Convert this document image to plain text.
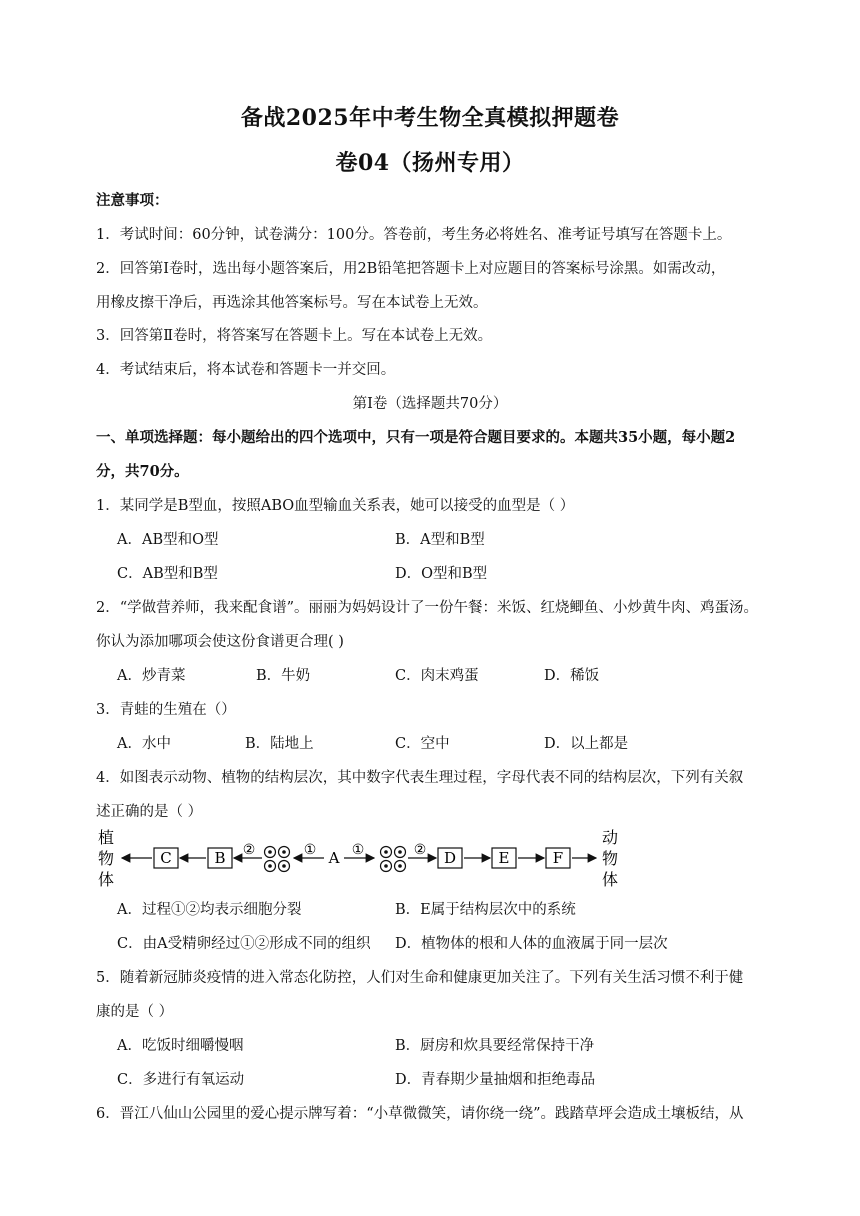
备战2025年中考生物全真模拟押题卷
卷04（扬州专用）
注意事项：
1．考试时间：60分钟，试卷满分：100分。答卷前，考生务必将姓名、准考证号填写在答题卡上。
2．回答第Ⅰ卷时，选出每小题答案后，用2B铅笔把答题卡上对应题目的答案标号涂黑。如需改动，
用橡皮擦干净后，再选涂其他答案标号。写在本试卷上无效。
3．回答第Ⅱ卷时，将答案写在答题卡上。写在本试卷上无效。
4．考试结束后，将本试卷和答题卡一并交回。
第Ⅰ卷（选择题共70分）
一、单项选择题：每小题给出的四个选项中，只有一项是符合题目要求的。本题共35小题，每小题2
分，共70分。
1．某同学是B型血，按照ABO血型输血关系表，她可以接受的血型是（ ）
A．AB型和O型	B．A型和B型
C．AB型和B型	D．O型和B型
2．“学做营养师，我来配食谱”。丽丽为妈妈设计了一份午餐：米饭、红烧鲫鱼、小炒黄牛肉、鸡蛋汤。
你认为添加哪项会使这份食谱更合理( )
A．炒青菜	B．牛奶	C．肉末鸡蛋	D．稀饭
3．青蛙的生殖在（）
A．水中	B．陆地上	C．空中	D．以上都是
4．如图表示动物、植物的结构层次，其中数字代表生理过程，字母代表不同的结构层次，下列有关叙
述正确的是（ ）
植
物
体
动
物
体
C	B ②	① A ①	② D	E	F
A．过程①②均表示细胞分裂	B．E属于结构层次中的系统
C．由A受精卵经过①②形成不同的组织 D．植物体的根和人体的血液属于同一层次
5．随着新冠肺炎疫情的进入常态化防控，人们对生命和健康更加关注了。下列有关生活习惯不利于健
康的是（ ）
A．吃饭时细嚼慢咽	B．厨房和炊具要经常保持干净
C．多进行有氧运动	D．青春期少量抽烟和拒绝毒品
6．晋江八仙山公园里的爱心提示牌写着：“小草微微笑，请你绕一绕”。践踏草坪会造成土壤板结，从
